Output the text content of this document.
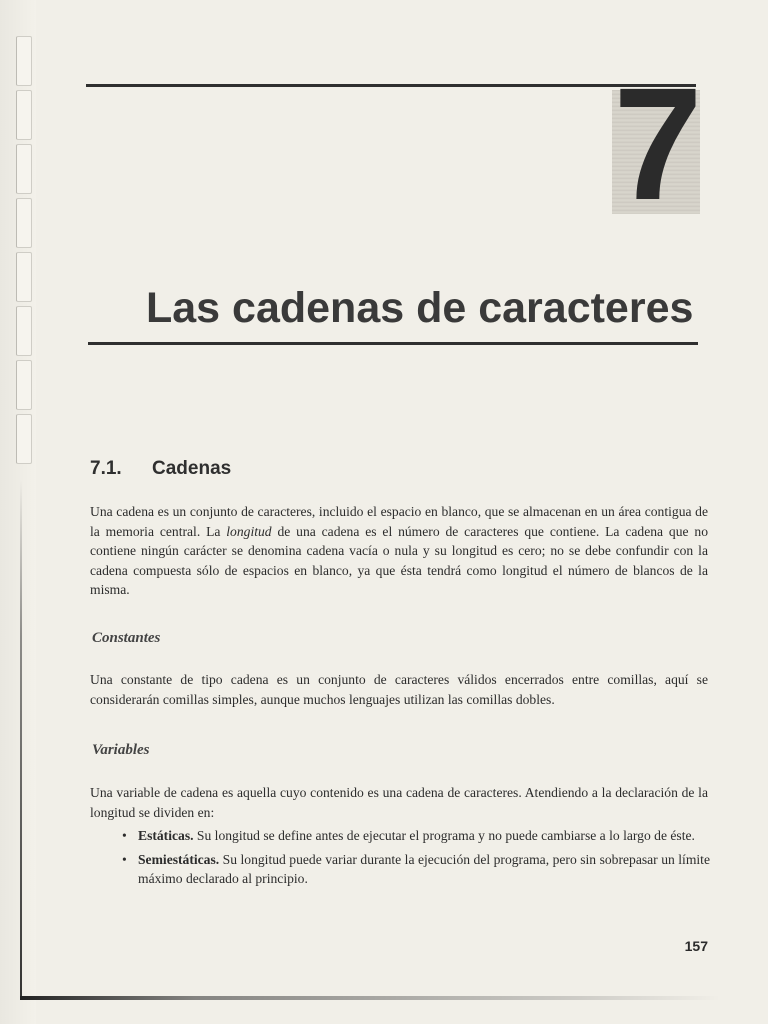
7
Las cadenas de caracteres
7.1. Cadenas

Una cadena es un conjunto de caracteres, incluido el espacio en blanco, que se almacenan en un área contigua de la memoria central. La longitud de una cadena es el número de caracteres que contiene. La cadena que no contiene ningún carácter se denomina cadena vacía o nula y su longitud es cero; no se debe confundir con la cadena compuesta sólo de espacios en blanco, ya que ésta tendrá como longitud el número de blancos de la misma.

Constantes

Una constante de tipo cadena es un conjunto de caracteres válidos encerrados entre comillas, aquí se considerarán comillas simples, aunque muchos lenguajes utilizan las comillas dobles.

Variables

Una variable de cadena es aquella cuyo contenido es una cadena de caracteres. Atendiendo a la declaración de la longitud se dividen en:

• Estáticas. Su longitud se define antes de ejecutar el programa y no puede cambiarse a lo largo de éste.
• Semiestáticas. Su longitud puede variar durante la ejecución del programa, pero sin sobrepasar un límite máximo declarado al principio.
157
